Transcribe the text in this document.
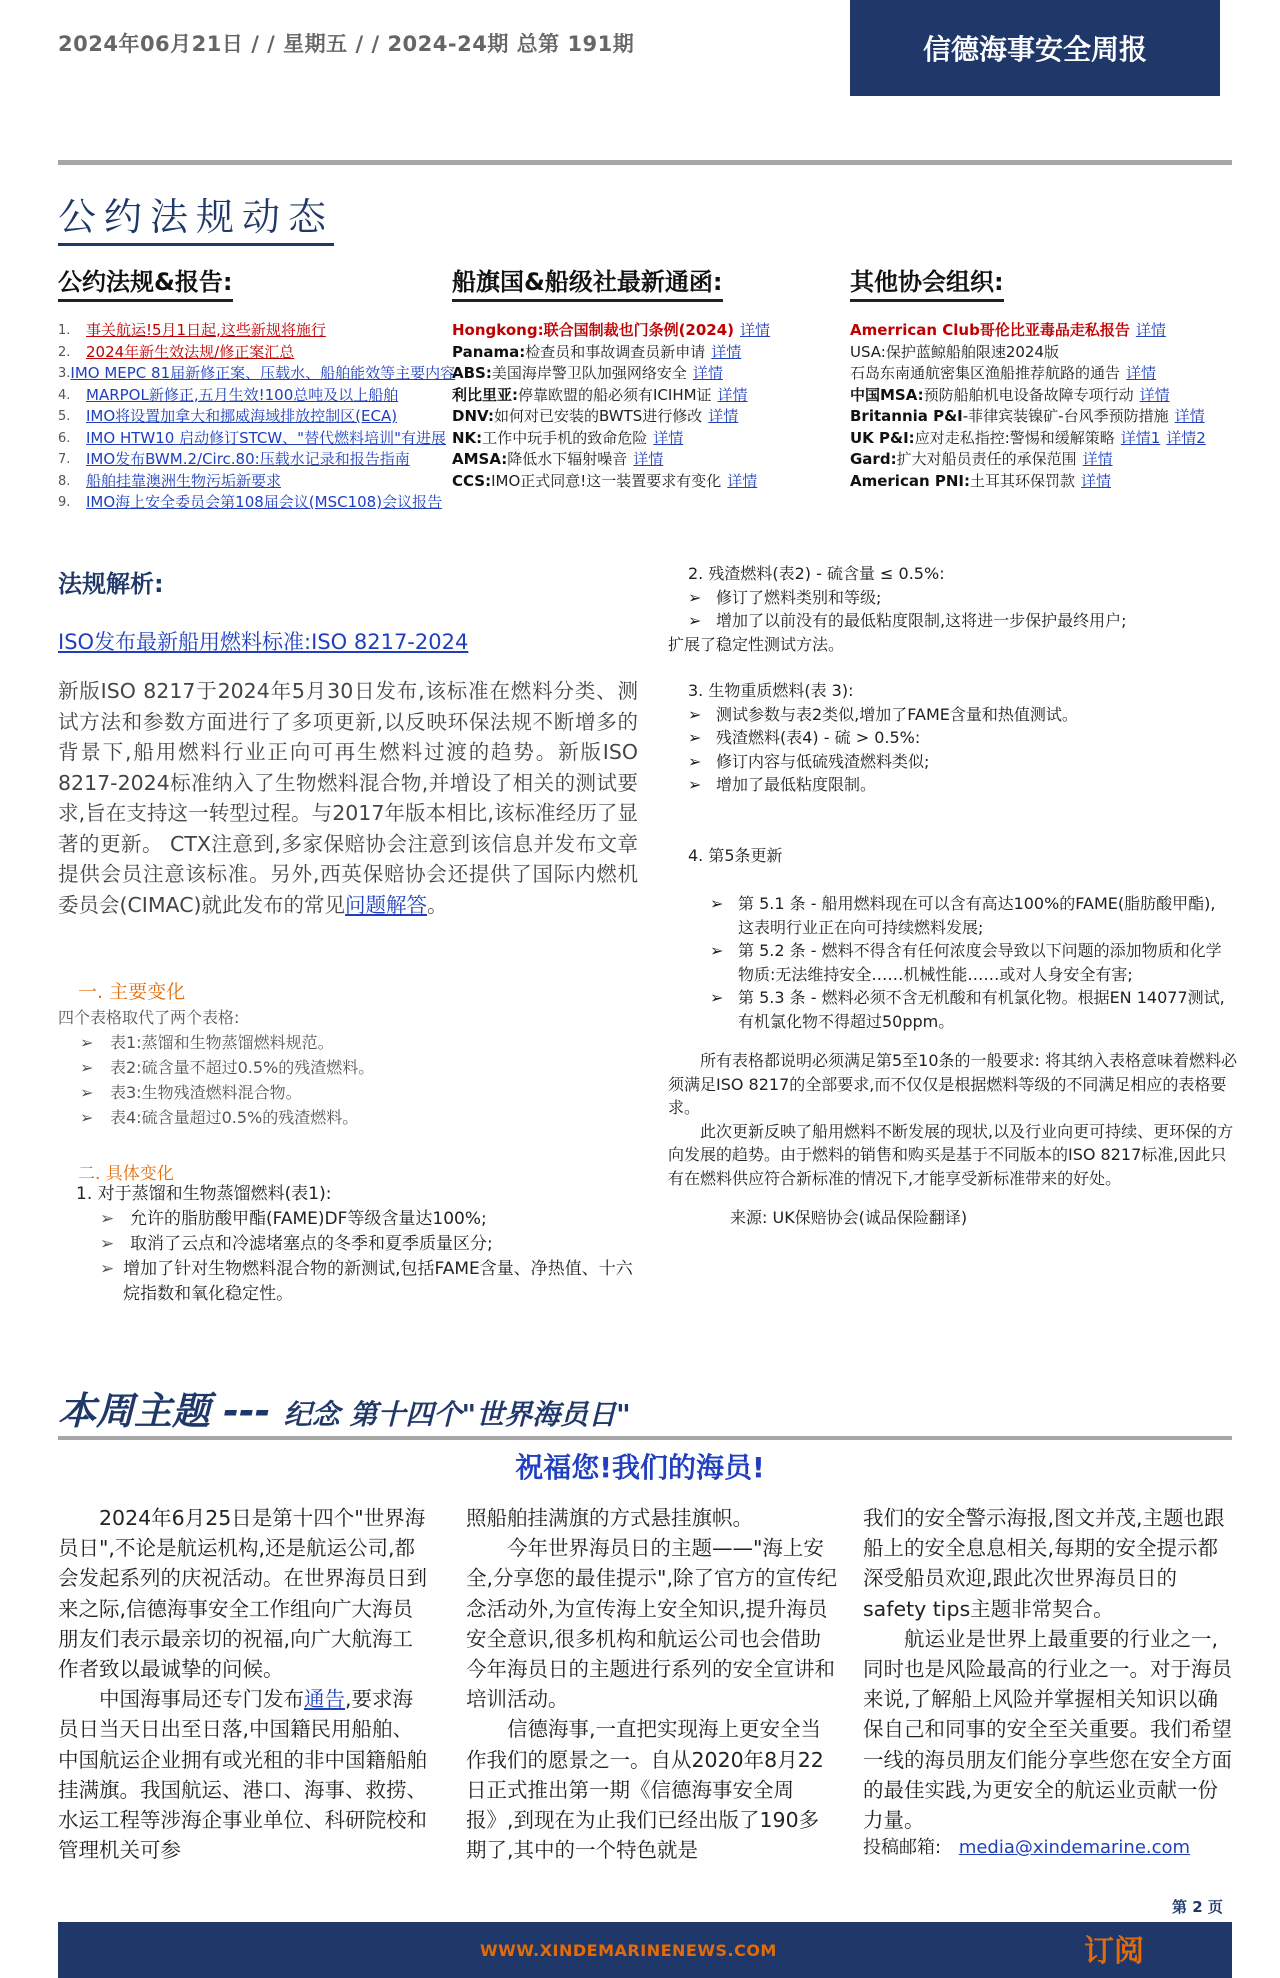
2024年06月21日 / / 星期五 / / 2024-24期 总第 191期	信德海事安全周报
公约法规动态
公约法规&报告:
1.	事关航运!5月1日起,这些新规将施行
2.	2024年新生效法规/修正案汇总
3. IMO MEPC 81届新修正案、压载水、船舶能效等主要内容
4.	MARPOL新修正,五月生效!100总吨及以上船舶
5.	IMO将设置加拿大和挪威海域排放控制区(ECA)
6.	IMO HTW10 启动修订STCW、"替代燃料培训"有进展
7.	IMO发布BWM.2/Circ.80:压载水记录和报告指南
8.	船舶挂靠澳洲生物污垢新要求
9.	IMO海上安全委员会第108届会议(MSC108)会议报告
船旗国&船级社最新通函:
Hongkong:联合国制裁也门条例(2024) 详情
Panama:检查员和事故调查员新申请 详情
ABS:美国海岸警卫队加强网络安全 详情
利比里亚:停靠欧盟的船必须有ICIHM证 详情
DNV:如何对已安装的BWTS进行修改 详情
NK:工作中玩手机的致命危险 详情
AMSA:降低水下辐射噪音 详情
CCS:IMO正式同意!这一装置要求有变化 详情
其他协会组织:
Amerrican Club哥伦比亚毒品走私报告 详情
USA:保护蓝鲸船舶限速2024版
石岛东南通航密集区渔船推荐航路的通告 详情
中国MSA:预防船舶机电设备故障专项行动 详情
Britannia P&I-菲律宾装镍矿-台风季预防措施 详情
UK P&I:应对走私指控:警惕和缓解策略 详情1 详情2
Gard:扩大对船员责任的承保范围 详情
American PNI:土耳其环保罚款 详情
法规解析:
ISO发布最新船用燃料标准:ISO 8217-2024
新版ISO 8217于2024年5月30日发布,该标准在燃料分类、测试方法和参数方面进行了多项更新,以反映环保法规不断增多的背景下,船用燃料行业正向可再生燃料过渡的趋势。新版ISO 8217-2024标准纳入了生物燃料混合物,并增设了相关的测试要求,旨在支持这一转型过程。与2017年版本相比,该标准经历了显著的更新。 CTX注意到,多家保赔协会注意到该信息并发布文章提供会员注意该标准。另外,西英保赔协会还提供了国际内燃机委员会(CIMAC)就此发布的常见问题解答。
一. 主要变化
四个表格取代了两个表格:
➢	表1:蒸馏和生物蒸馏燃料规范。
➢	表2:硫含量不超过0.5%的残渣燃料。
➢	表3:生物残渣燃料混合物。
➢	表4:硫含量超过0.5%的残渣燃料。
二. 具体变化
1. 对于蒸馏和生物蒸馏燃料(表1):
➢ 允许的脂肪酸甲酯(FAME)DF等级含量达100%;
➢ 取消了云点和冷滤堵塞点的冬季和夏季质量区分;
➢ 增加了针对生物燃料混合物的新测试,包括FAME含量、净热值、十六烷指数和氧化稳定性。
2. 残渣燃料(表2) - 硫含量 ≤ 0.5%:
➢ 修订了燃料类别和等级;
➢ 增加了以前没有的最低粘度限制,这将进一步保护最终用户;
扩展了稳定性测试方法。
3. 生物重质燃料(表 3):
➢ 测试参数与表2类似,增加了FAME含量和热值测试。
➢ 残渣燃料(表4) - 硫 > 0.5%:
➢ 修订内容与低硫残渣燃料类似;
➢ 增加了最低粘度限制。
4. 第5条更新
➢ 第 5.1 条 - 船用燃料现在可以含有高达100%的FAME(脂肪酸甲酯),这表明行业正在向可持续燃料发展;
➢ 第 5.2 条 - 燃料不得含有任何浓度会导致以下问题的添加物质和化学物质:无法维持安全……机械性能……或对人身安全有害;
➢ 第 5.3 条 - 燃料必须不含无机酸和有机氯化物。根据EN 14077测试,有机氯化物不得超过50ppm。

所有表格都说明必须满足第5至10条的一般要求: 将其纳入表格意味着燃料必须满足ISO 8217的全部要求,而不仅仅是根据燃料等级的不同满足相应的表格要求。

此次更新反映了船用燃料不断发展的现状,以及行业向更可持续、更环保的方向发展的趋势。由于燃料的销售和购买是基于不同版本的ISO 8217标准,因此只有在燃料供应符合新标准的情况下,才能享受新标准带来的好处。

来源: UK保赔协会(诚品保险翻译)
本周主题 --- 纪念 第十四个"世界海员日"
祝福您!我们的海员!

2024年6月25日是第十四个"世界海员日",不论是航运机构,还是航运公司,都会发起系列的庆祝活动。在世界海员日到来之际,信德海事安全工作组向广大海员朋友们表示最亲切的祝福,向广大航海工作者致以最诚挚的问候。

中国海事局还专门发布通告,要求海员日当天日出至日落,中国籍民用船舶、中国航运企业拥有或光租的非中国籍船舶挂满旗。我国航运、港口、海事、救捞、水运工程等涉海企事业单位、科研院校和管理机关可参

照船舶挂满旗的方式悬挂旗帜。

今年世界海员日的主题——"海上安全,分享您的最佳提示",除了官方的宣传纪念活动外,为宣传海上安全知识,提升海员安全意识,很多机构和航运公司也会借助今年海员日的主题进行系列的安全宣讲和培训活动。

信德海事,一直把实现海上更安全当作我们的愿景之一。自从2020年8月22日正式推出第一期《信德海事安全周报》,到现在为止我们已经出版了190多期了,其中的一个特色就是

我们的安全警示海报,图文并茂,主题也跟船上的安全息息相关,每期的安全提示都深受船员欢迎,跟此次世界海员日的safety tips主题非常契合。

航运业是世界上最重要的行业之一,同时也是风险最高的行业之一。对于海员来说,了解船上风险并掌握相关知识以确保自己和同事的安全至关重要。我们希望一线的海员朋友们能分享些您在安全方面的最佳实践,为更安全的航运业贡献一份力量。

投稿邮箱: media@xindemarine.com
第 2 页
WWW.XINDEMARINENEWS.COM	订阅
